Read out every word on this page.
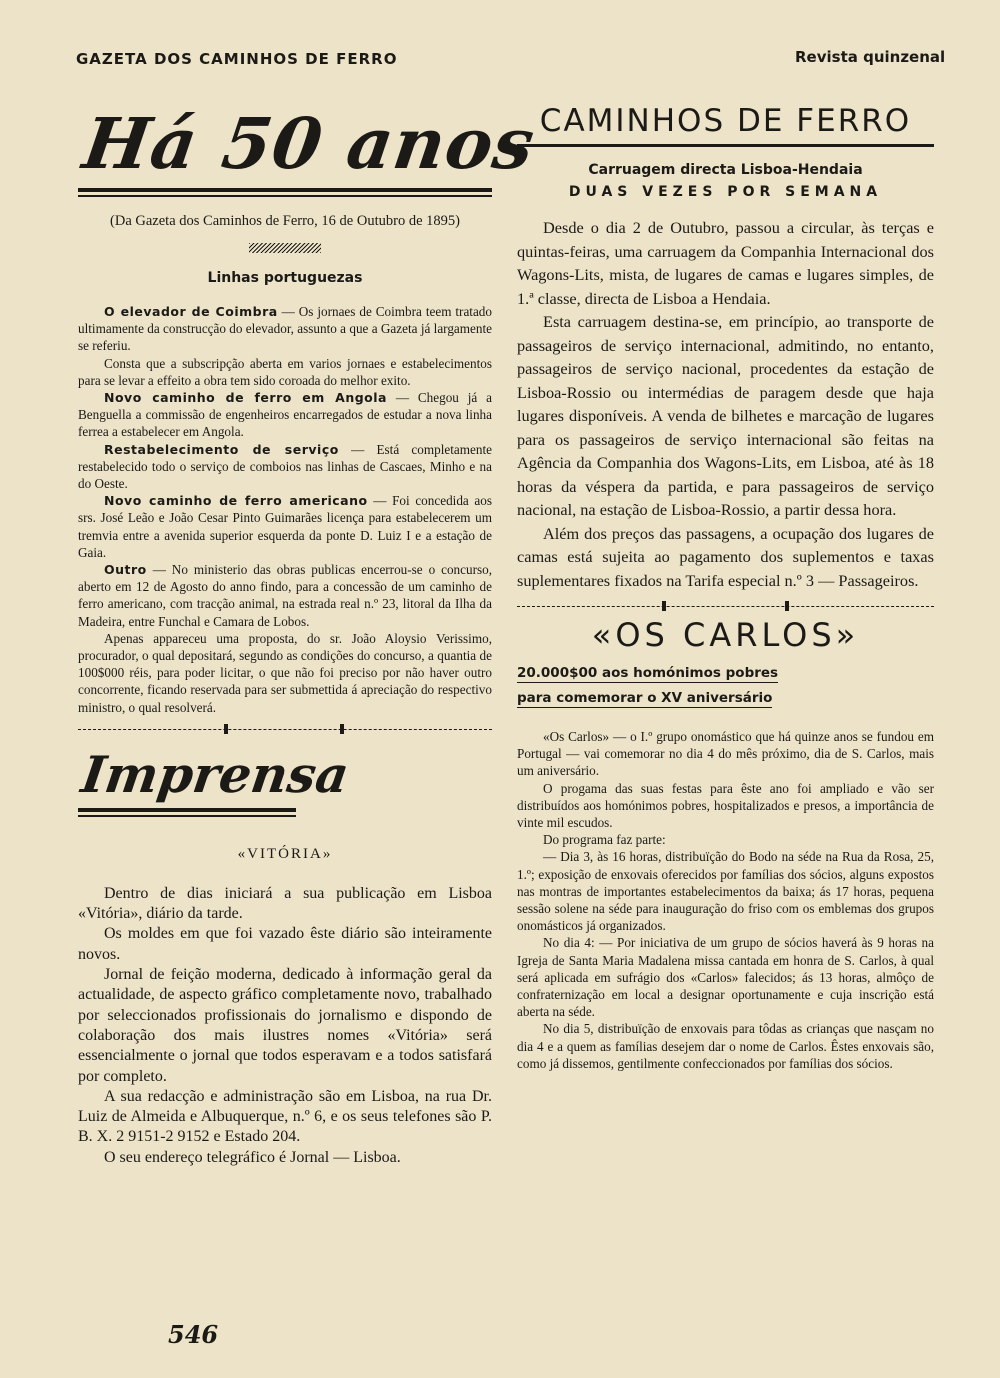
GAZETA DOS CAMINHOS DE FERRO	Revista quinzenal
Há 50 anos
(Da Gazeta dos Caminhos de Ferro, 16 de Outubro de 1895)
Linhas portuguezas

O elevador de Coimbra — Os jornaes de Coimbra teem tratado ultimamente da construcção do elevador, assunto a que a Gazeta já largamente se referiu.

Consta que a subscripção aberta em varios jornaes e estabelecimentos para se levar a effeito a obra tem sido coroada do melhor exito.

Novo caminho de ferro em Angola — Chegou já a Benguella a commissão de engenheiros encarregados de estudar a nova linha ferrea a estabelecer em Angola.

Restabelecimento de serviço — Está completamente restabelecido todo o serviço de comboios nas linhas de Cascaes, Minho e na do Oeste.

Novo caminho de ferro americano — Foi concedida aos srs. José Leão e João Cesar Pinto Guimarães licença para estabelecerem um tremvia entre a avenida superior esquerda da ponte D. Luiz I e a estação de Gaia.

Outro — No ministerio das obras publicas encerrou-se o concurso, aberto em 12 de Agosto do anno findo, para a concessão de um caminho de ferro americano, com tracção animal, na estrada real n.º 23, litoral da Ilha da Madeira, entre Funchal e Camara de Lobos.

Apenas appareceu uma proposta, do sr. João Aloysio Verissimo, procurador, o qual depositará, segundo as condições do concurso, a quantia de 100$000 réis, para poder licitar, o que não foi preciso por não haver outro concorrente, ficando reservada para ser submettida á apreciação do respectivo ministro, o qual resolverá.

Imprensa
«VITÓRIA»

Dentro de dias iniciará a sua publicação em Lisboa «Vitória», diário da tarde.

Os moldes em que foi vazado êste diário são inteiramente novos.

Jornal de feição moderna, dedicado à informação geral da actualidade, de aspecto gráfico completamente novo, trabalhado por seleccionados profissionais do jornalismo e dispondo de colaboração dos mais ilustres nomes «Vitória» será essencialmente o jornal que todos esperavam e a todos satisfará por completo.

A sua redacção e administração são em Lisboa, na rua Dr. Luiz de Almeida e Albuquerque, n.º 6, e os seus telefones são P. B. X. 2 9151-2 9152 e Estado 204.

O seu endereço telegráfico é Jornal — Lisboa.

CAMINHOS DE FERRO
Carruagem directa Lisboa-Hendaia
DUAS VEZES POR SEMANA

Desde o dia 2 de Outubro, passou a circular, às terças e quintas-feiras, uma carruagem da Companhia Internacional dos Wagons-Lits, mista, de lugares de camas e lugares simples, de 1.ª classe, directa de Lisboa a Hendaia.

Esta carruagem destina-se, em princípio, ao transporte de passageiros de serviço internacional, admitindo, no entanto, passageiros de serviço nacional, procedentes da estação de Lisboa-Rossio ou intermédias de paragem desde que haja lugares disponíveis. A venda de bilhetes e marcação de lugares para os passageiros de serviço internacional são feitas na Agência da Companhia dos Wagons-Lits, em Lisboa, até às 18 horas da véspera da partida, e para passageiros de serviço nacional, na estação de Lisboa-Rossio, a partir dessa hora.

Além dos preços das passagens, a ocupação dos lugares de camas está sujeita ao pagamento dos suplementos e taxas suplementares fixados na Tarifa especial n.º 3 — Passageiros.

«OS CARLOS»
20.000$00 aos homónimos pobres
para comemorar o XV aniversário

«Os Carlos» — o I.º grupo onomástico que há quinze anos se fundou em Portugal — vai comemorar no dia 4 do mês próximo, dia de S. Carlos, mais um aniversário.

O progama das suas festas para êste ano foi ampliado e vão ser distribuídos aos homónimos pobres, hospitalizados e presos, a importância de vinte mil escudos.

Do programa faz parte:

— Dia 3, às 16 horas, distribuïção do Bodo na séde na Rua da Rosa, 25, 1.º; exposição de enxovais oferecidos por famílias dos sócios, alguns expostos nas montras de importantes estabelecimentos da baixa; ás 17 horas, pequena sessão solene na séde para inauguração do friso com os emblemas dos grupos onomásticos já organizados.

No dia 4: — Por iniciativa de um grupo de sócios haverá às 9 horas na Igreja de Santa Maria Madalena missa cantada em honra de S. Carlos, à qual será aplicada em sufrágio dos «Carlos» falecidos; ás 13 horas, almôço de confraternização em local a designar oportunamente e cuja inscrição está aberta na séde.

No dia 5, distribuïção de enxovais para tôdas as crianças que nasçam no dia 4 e a quem as famílias desejem dar o nome de Carlos. Êstes enxovais são, como já dissemos, gentilmente confeccionados por famílias dos sócios.

546
